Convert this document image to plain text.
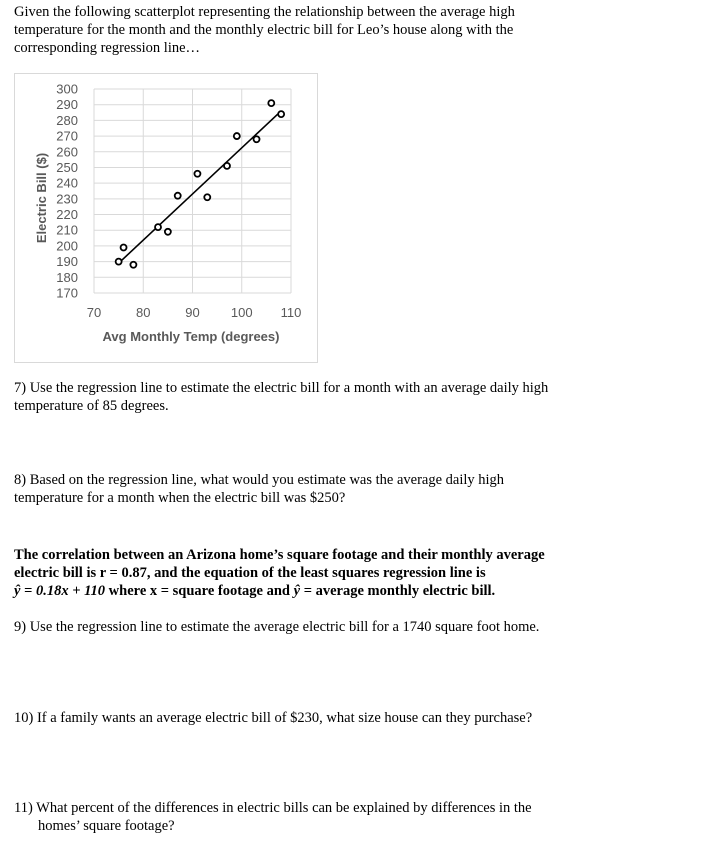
Given the following scatterplot representing the relationship between the average high temperature for the month and the monthly electric bill for Leo’s house along with the corresponding regression line…
300
290
280
270
260
250
240
230
220
210
200
190
180
170
70	80	90 100 110
Electric Bill ($)
Avg Monthly Temp (degrees)
7) Use the regression line to estimate the electric bill for a month with an average daily high temperature of 85 degrees.
8) Based on the regression line, what would you estimate was the average daily high temperature for a month when the electric bill was $250?
The correlation between an Arizona home’s square footage and their monthly average
electric bill is r = 0.87, and the equation of the least squares regression line is
ŷ = 0.18x + 110 where x = square footage and ŷ = average monthly electric bill.
9) Use the regression line to estimate the average electric bill for a 1740 square foot home.
10) If a family wants an average electric bill of $230, what size house can they purchase?
11) What percent of the differences in electric bills can be explained by differences in the
homes’ square footage?
